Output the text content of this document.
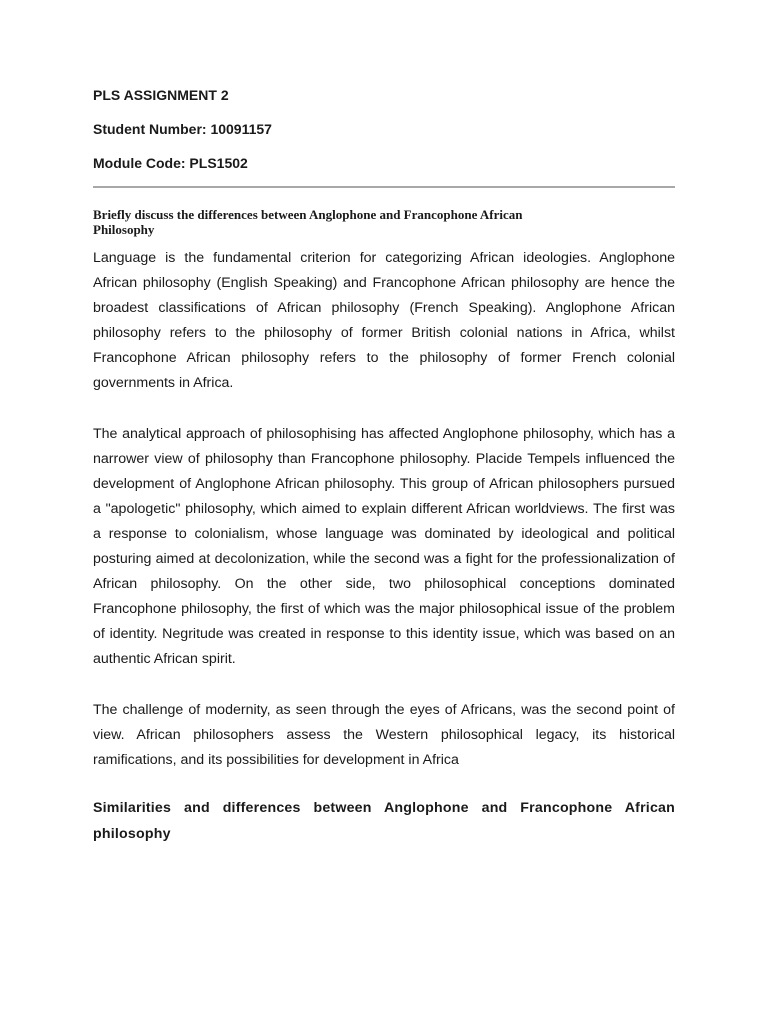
PLS ASSIGNMENT 2

Student Number: 10091157

Module Code: PLS1502

Briefly discuss the differences between Anglophone and Francophone African Philosophy

Language is the fundamental criterion for categorizing African ideologies. Anglophone African philosophy (English Speaking) and Francophone African philosophy are hence the broadest classifications of African philosophy (French Speaking). Anglophone African philosophy refers to the philosophy of former British colonial nations in Africa, whilst Francophone African philosophy refers to the philosophy of former French colonial governments in Africa.

The analytical approach of philosophising has affected Anglophone philosophy, which has a narrower view of philosophy than Francophone philosophy. Placide Tempels influenced the development of Anglophone African philosophy. This group of African philosophers pursued a "apologetic" philosophy, which aimed to explain different African worldviews. The first was a response to colonialism, whose language was dominated by ideological and political posturing aimed at decolonization, while the second was a fight for the professionalization of African philosophy. On the other side, two philosophical conceptions dominated Francophone philosophy, the first of which was the major philosophical issue of the problem of identity. Negritude was created in response to this identity issue, which was based on an authentic African spirit.

The challenge of modernity, as seen through the eyes of Africans, was the second point of view. African philosophers assess the Western philosophical legacy, its historical ramifications, and its possibilities for development in Africa

Similarities and differences between Anglophone and Francophone African philosophy
